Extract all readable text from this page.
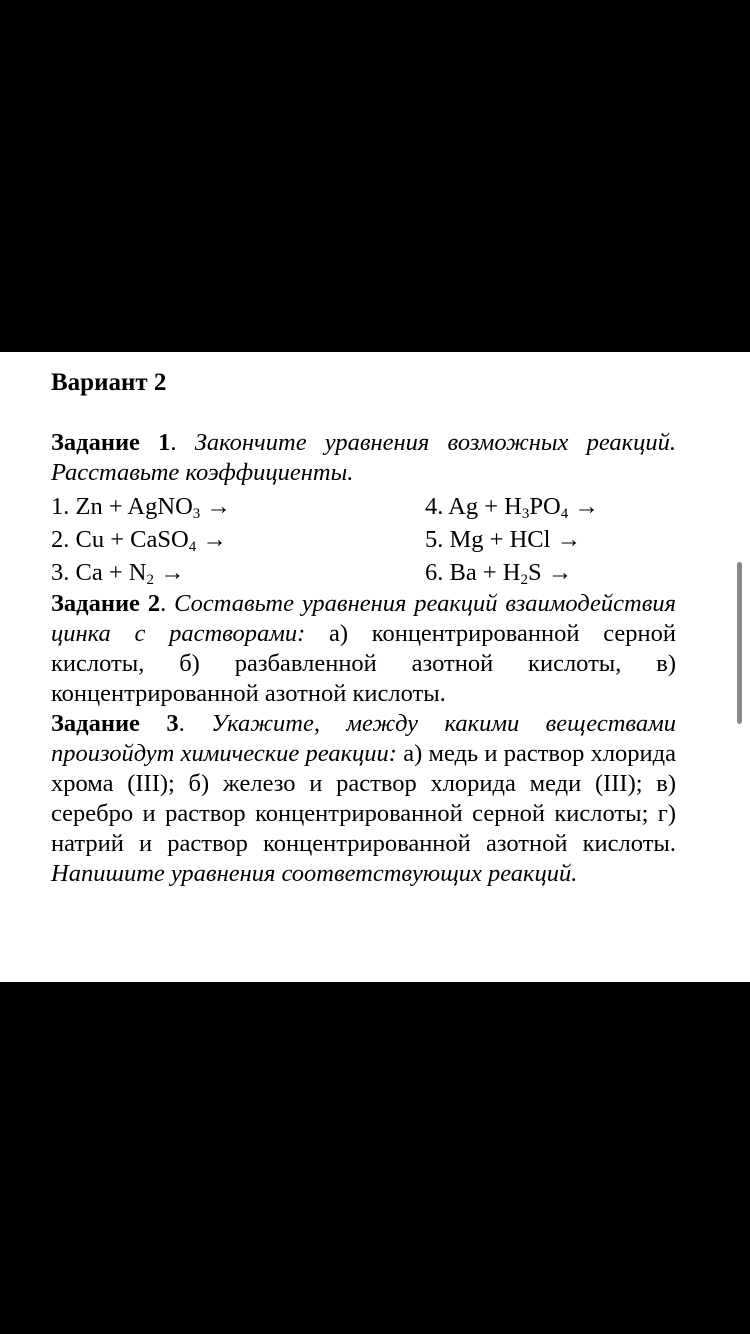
Вариант 2

Задание 1. Закончите уравнения возможных реакций. Расставьте коэффициенты.

1. Zn + AgNO$_3$ →	4. $Ag + H_3PO_4$ →
2. Cu + CaSO$_4$ →	5. Mg + HCl →
3. $Ca + N_2$ →	6. $Ba + H_2S$ →

Задание 2. Составьте уравнения реакций взаимодействия цинка с растворами: а) концентрированной серной кислоты, б) разбавленной азотной кислоты, в) концентрированной азотной кислоты.

Задание 3. Укажите, между какими веществами произойдут химические реакции: а) медь и раствор хлорида хрома (III); б) железо и раствор хлорида меди (III); в) серебро и раствор концентрированной серной кислоты; г) натрий и раствор концентрированной азотной кислоты. Напишите уравнения соответствующих реакций.
